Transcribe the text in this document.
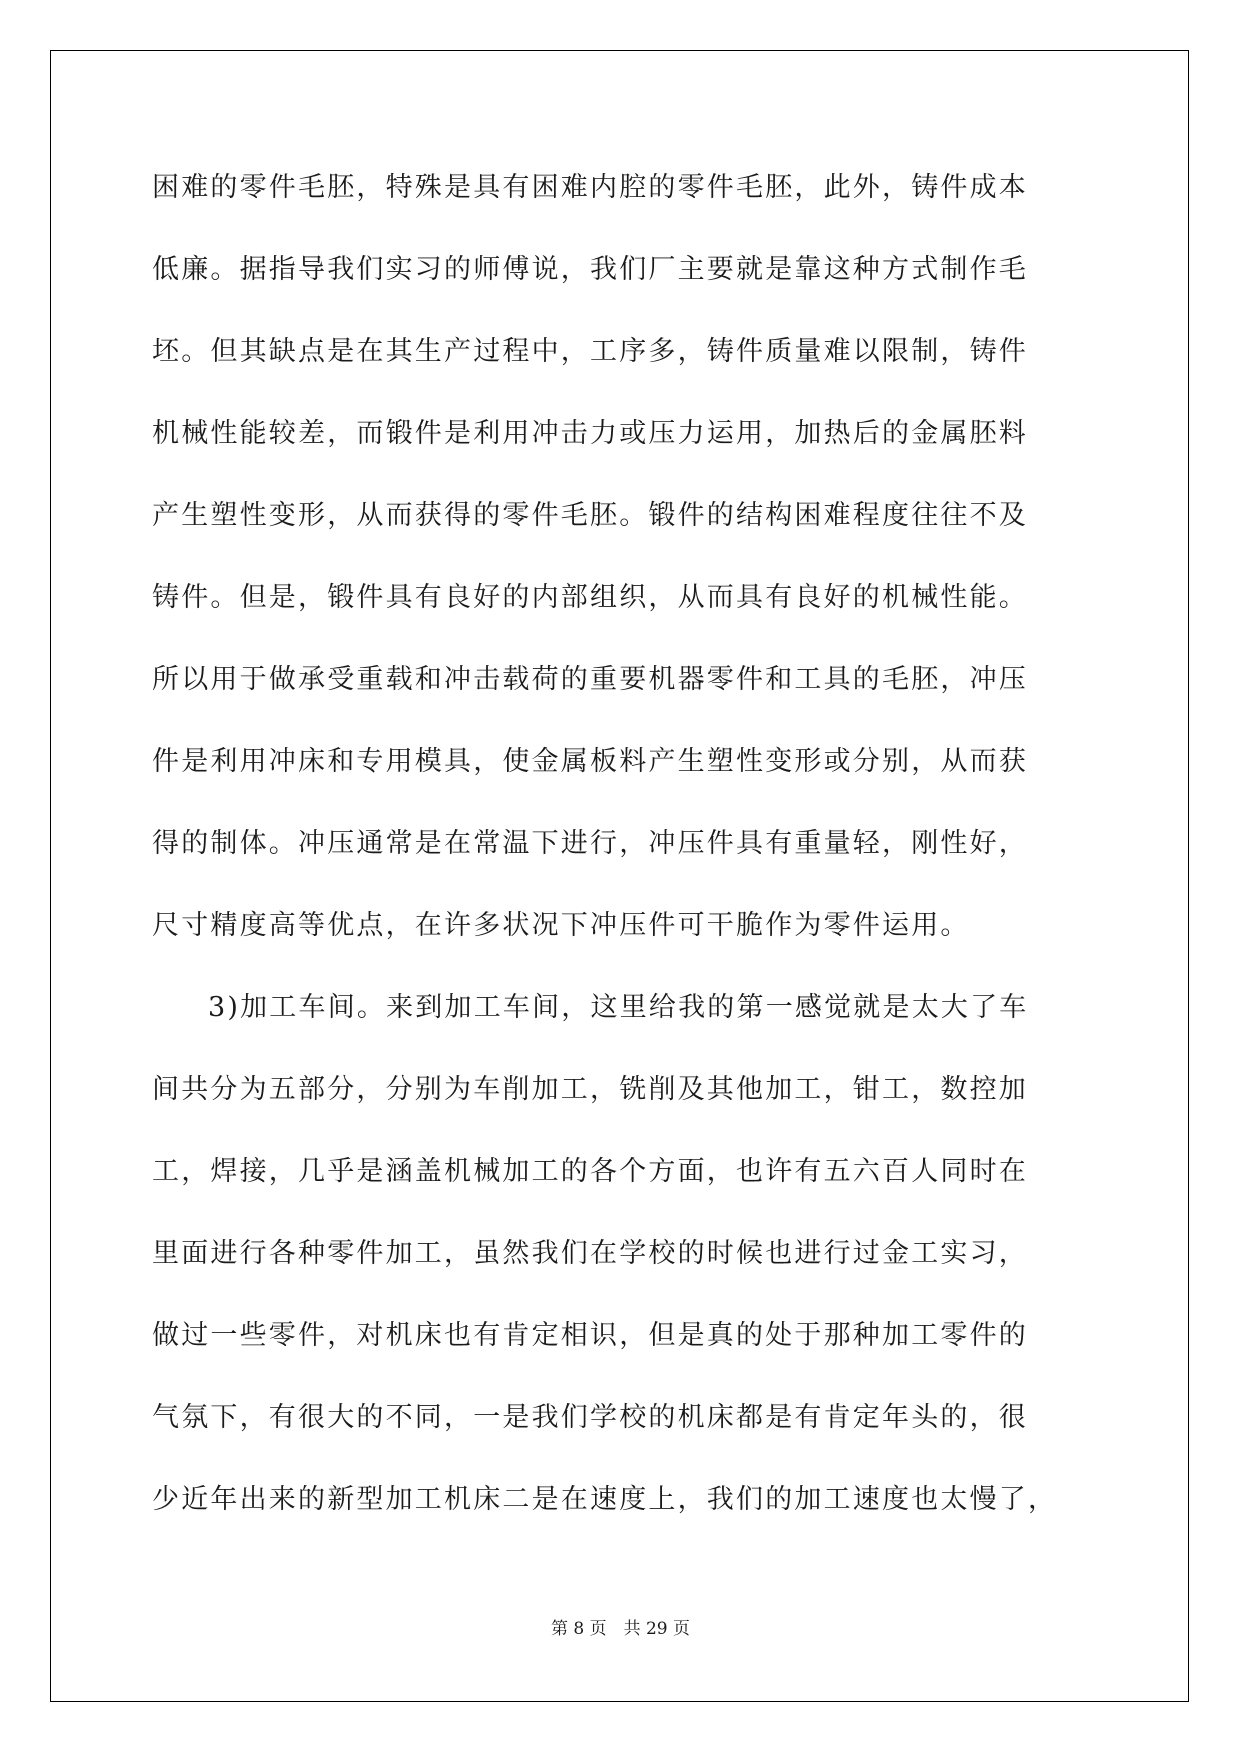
困难的零件毛胚，特殊是具有困难内腔的零件毛胚，此外，铸件成本
低廉。据指导我们实习的师傅说，我们厂主要就是靠这种方式制作毛
坯。但其缺点是在其生产过程中，工序多，铸件质量难以限制，铸件
机械性能较差，而锻件是利用冲击力或压力运用，加热后的金属胚料
产生塑性变形，从而获得的零件毛胚。锻件的结构困难程度往往不及
铸件。但是，锻件具有良好的内部组织，从而具有良好的机械性能。
所以用于做承受重载和冲击载荷的重要机器零件和工具的毛胚，冲压
件是利用冲床和专用模具，使金属板料产生塑性变形或分别，从而获
得的制体。冲压通常是在常温下进行，冲压件具有重量轻，刚性好，
尺寸精度高等优点，在许多状况下冲压件可干脆作为零件运用。
3)加工车间。来到加工车间，这里给我的第一感觉就是太大了车
间共分为五部分，分别为车削加工，铣削及其他加工，钳工，数控加
工，焊接，几乎是涵盖机械加工的各个方面，也许有五六百人同时在
里面进行各种零件加工，虽然我们在学校的时候也进行过金工实习，
做过一些零件，对机床也有肯定相识，但是真的处于那种加工零件的
气氛下，有很大的不同，一是我们学校的机床都是有肯定年头的，很
少近年出来的新型加工机床二是在速度上，我们的加工速度也太慢了，
第 8 页　共 29 页
